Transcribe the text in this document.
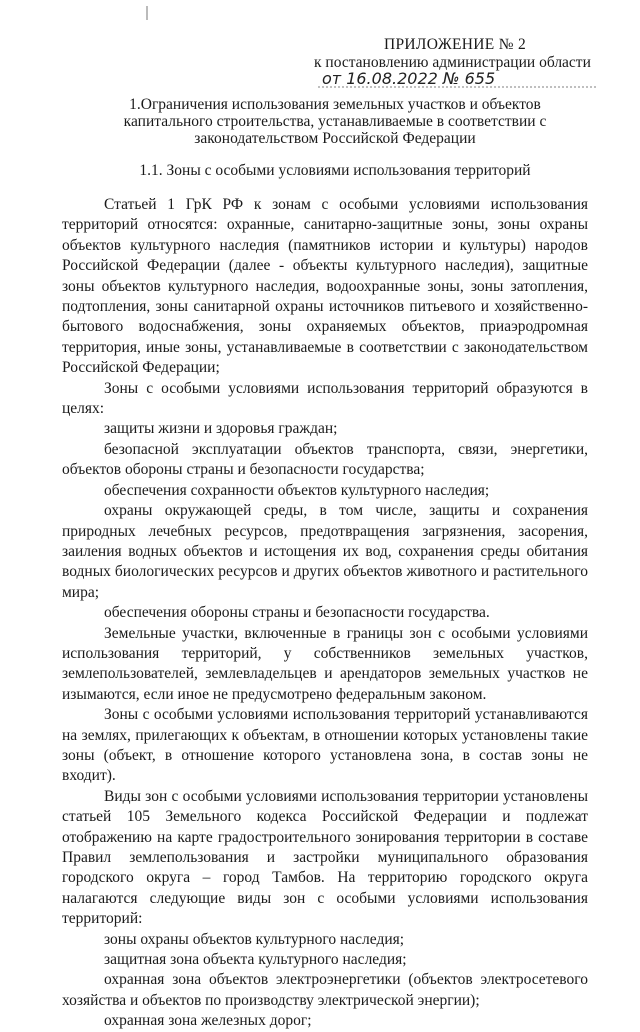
ПРИЛОЖЕНИЕ № 2
к постановлению администрации области
от 16.08.2022 № 655
1.Ограничения использования земельных участков и объектов капитального строительства, устанавливаемые в соответствии с законодательством Российской Федерации
1.1. Зоны с особыми условиями использования территорий

Статьей 1 ГрК РФ к зонам с особыми условиями использования территорий относятся: охранные, санитарно-защитные зоны, зоны охраны объектов культурного наследия (памятников истории и культуры) народов Российской Федерации (далее - объекты культурного наследия), защитные зоны объектов культурного наследия, водоохранные зоны, зоны затопления, подтопления, зоны санитарной охраны источников питьевого и хозяйственно-бытового водоснабжения, зоны охраняемых объектов, приаэродромная территория, иные зоны, устанавливаемые в соответствии с законодательством Российской Федерации;

Зоны с особыми условиями использования территорий образуются в целях:

защиты жизни и здоровья граждан;

безопасной эксплуатации объектов транспорта, связи, энергетики, объектов обороны страны и безопасности государства;

обеспечения сохранности объектов культурного наследия;

охраны окружающей среды, в том числе, защиты и сохранения природных лечебных ресурсов, предотвращения загрязнения, засорения, заиления водных объектов и истощения их вод, сохранения среды обитания водных биологических ресурсов и других объектов животного и растительного мира;

обеспечения обороны страны и безопасности государства.

Земельные участки, включенные в границы зон с особыми условиями использования территорий, у собственников земельных участков, землепользователей, землевладельцев и арендаторов земельных участков не изымаются, если иное не предусмотрено федеральным законом.

Зоны с особыми условиями использования территорий устанавливаются на землях, прилегающих к объектам, в отношении которых установлены такие зоны (объект, в отношение которого установлена зона, в состав зоны не входит).

Виды зон с особыми условиями использования территории установлены статьей 105 Земельного кодекса Российской Федерации и подлежат отображению на карте градостроительного зонирования территории в составе Правил землепользования и застройки муниципального образования городского округа – город Тамбов. На территорию городского округа налагаются следующие виды зон с особыми условиями использования территорий:

зоны охраны объектов культурного наследия;

защитная зона объекта культурного наследия;

охранная зона объектов электроэнергетики (объектов электросетевого хозяйства и объектов по производству электрической энергии);

охранная зона железных дорог;
